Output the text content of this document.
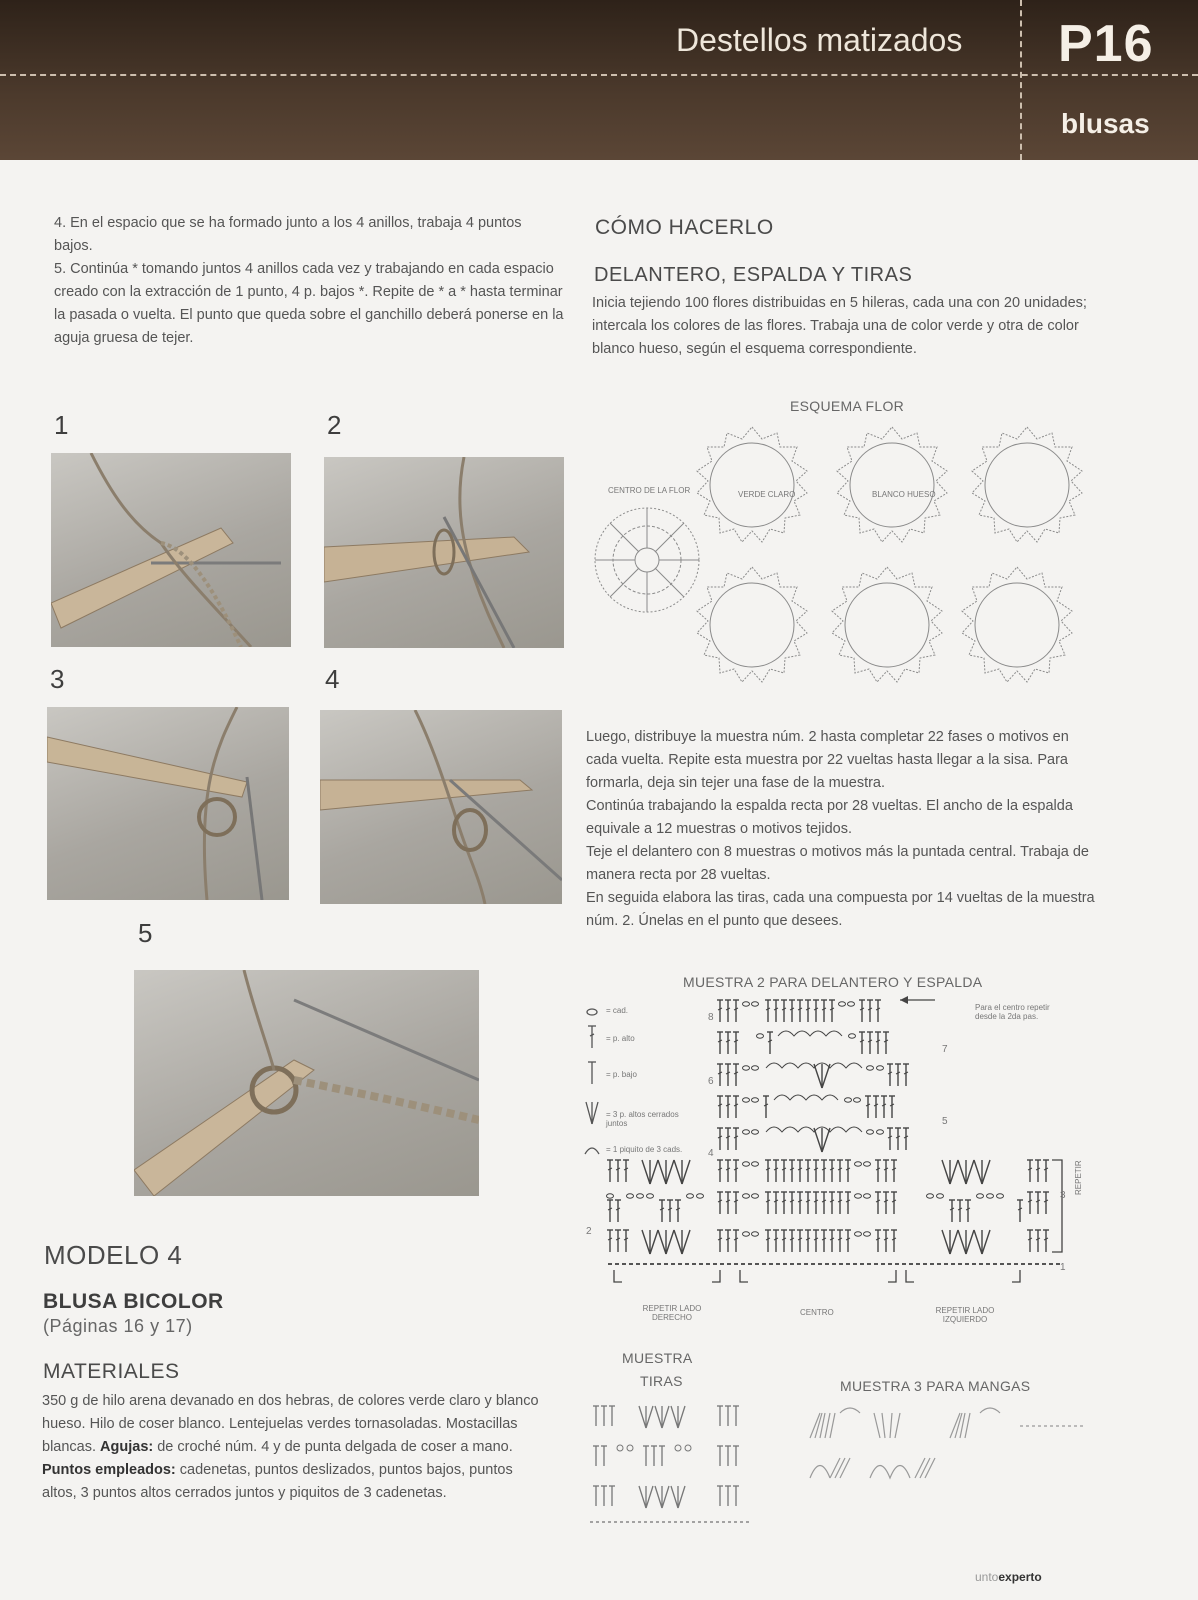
Destellos matizados P16
blusas

4. En el espacio que se ha formado junto a los 4 anillos, trabaja 4 puntos bajos.

5. Continúa * tomando juntos 4 anillos cada vez y trabajando en cada espacio creado con la extracción de 1 punto, 4 p. bajos *. Repite de * a * hasta terminar la pasada o vuelta. El punto que queda sobre el ganchillo deberá ponerse en la aguja gruesa de tejer.

1	2
3	4
5
MODELO 4
BLUSA BICOLOR
(Páginas 16 y 17)
MATERIALES
350 g de hilo arena devanado en dos hebras, de colores verde claro y blanco hueso. Hilo de coser blanco. Lentejuelas verdes tornasoladas. Mostacillas blancas. Agujas: de croché núm. 4 y de punta delgada de coser a mano. Puntos empleados: cadenetas, puntos deslizados, puntos bajos, puntos altos, 3 puntos altos cerrados juntos y piquitos de 3 cadenetas.
CÓMO HACERLO
DELANTERO, ESPALDA Y TIRAS
Inicia tejiendo 100 flores distribuidas en 5 hileras, cada una con 20 unidades; intercala los colores de las flores. Trabaja una de color verde y otra de color blanco hueso, según el esquema correspondiente.
ESQUEMA FLOR
CENTRO DE LA FLOR	VERDE CLARO	BLANCO HUESO

Luego, distribuye la muestra núm. 2 hasta completar 22 fases o motivos en cada vuelta. Repite esta muestra por 22 vueltas hasta llegar a la sisa. Para formarla, deja sin tejer una fase de la muestra.

Continúa trabajando la espalda recta por 28 vueltas. El ancho de la espalda equivale a 12 muestras o motivos tejidos.

Teje el delantero con 8 muestras o motivos más la puntada central. Trabaja de manera recta por 28 vueltas.

En seguida elabora las tiras, cada una compuesta por 14 vueltas de la muestra núm. 2. Únelas en el punto que desees.

MUESTRA 2 PARA DELANTERO Y ESPALDA
= cad.
= p. alto
= p. bajo
= 3 p. altos cerrados juntos
= 1 piquito de 3 cads.
Para el centro repetir desde la 2da pas.
8
7
6
5
4
3
2
1
REPETIR
REPETIR LADO DERECHO
CENTRO	REPETIR LADO IZQUIERDO
MUESTRA
TIRAS	MUESTRA 3 PARA MANGAS
untoexperto
